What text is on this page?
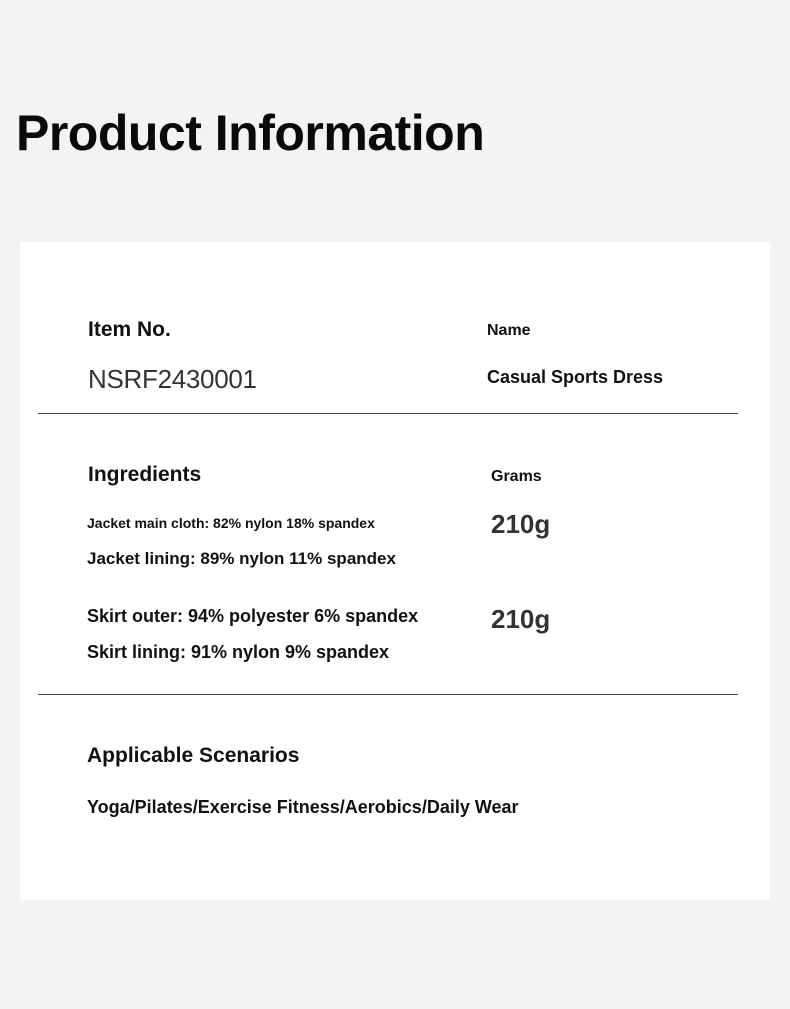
Product Information
Item No.	Name
NSRF2430001	Casual Sports Dress
Ingredients	Grams
Jacket main cloth: 82% nylon 18% spandex	210g
Jacket lining: 89% nylon 11% spandex
Skirt outer: 94% polyester 6% spandex	210g
Skirt lining: 91% nylon 9% spandex
Applicable Scenarios
Yoga/Pilates/Exercise Fitness/Aerobics/Daily Wear
